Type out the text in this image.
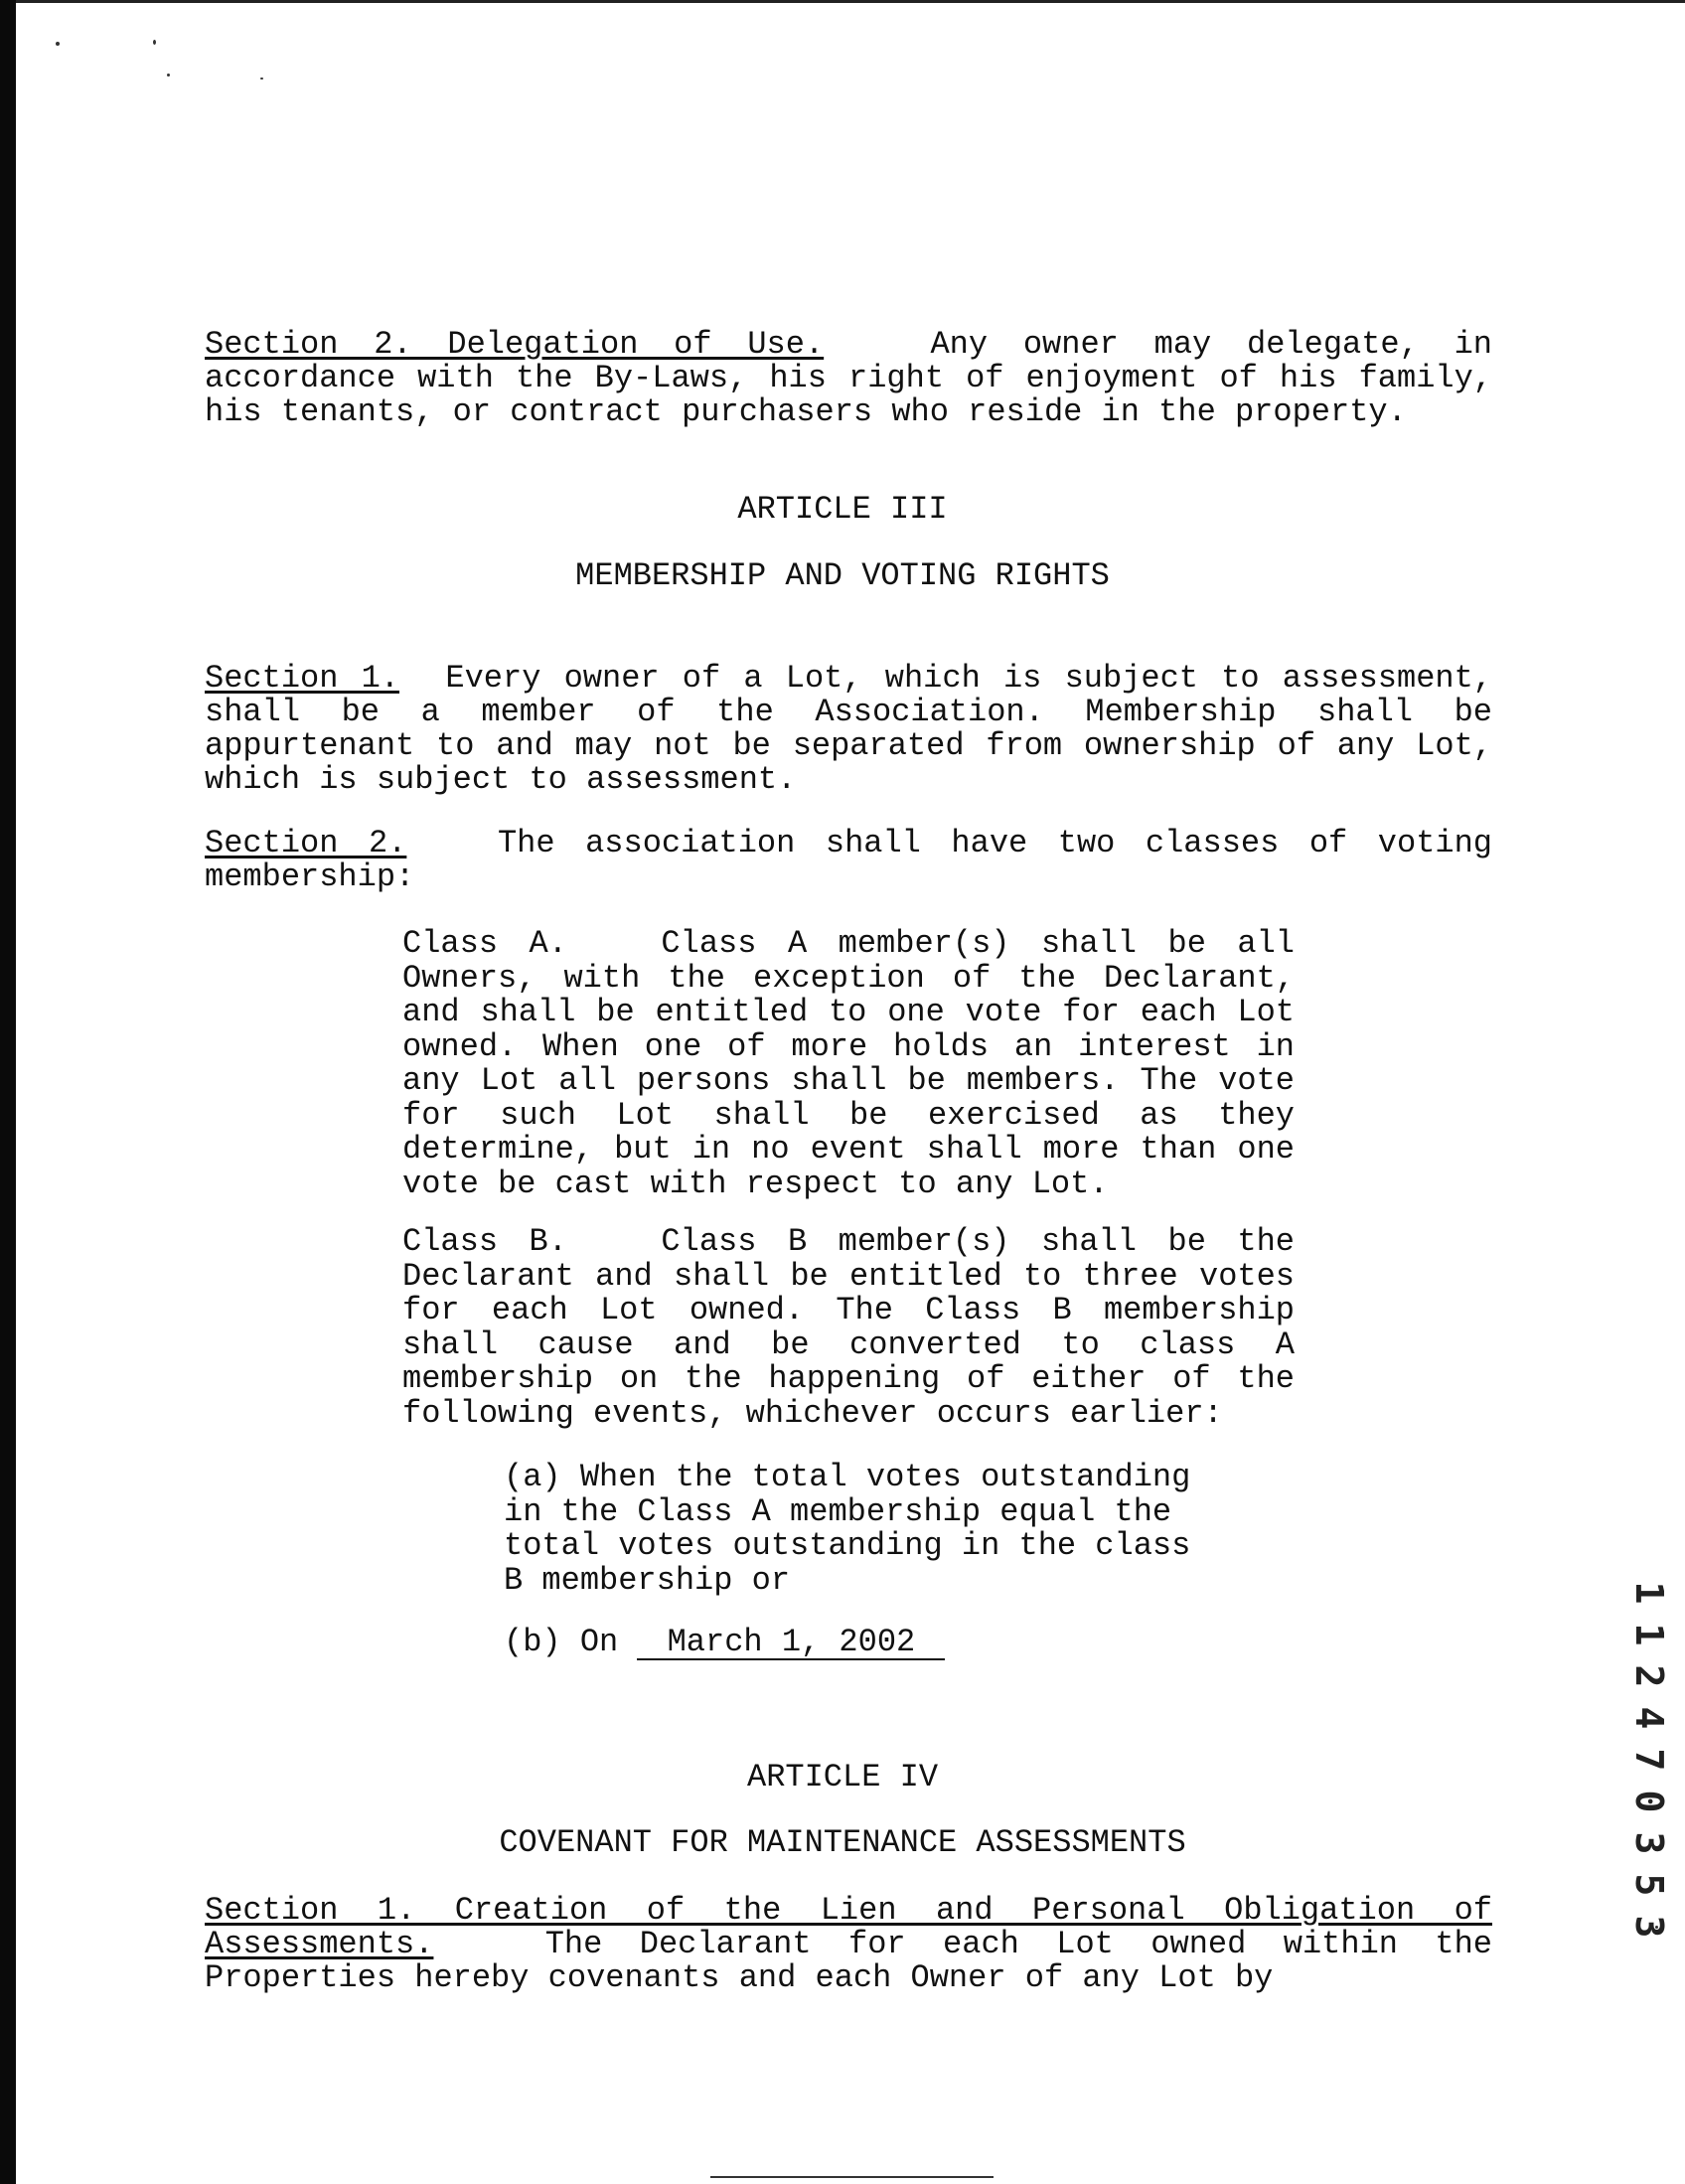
Section 2. Delegation of Use.	Any owner may delegate, in accordance with the By-Laws, his right of enjoyment of his family, his tenants, or contract purchasers who reside in the property.

ARTICLE III

MEMBERSHIP AND VOTING RIGHTS

Section 1. Every owner of a Lot, which is subject to assessment, shall be a member of the Association. Membership shall be appurtenant to and may not be separated from ownership of any Lot, which is subject to assessment.

Section 2.	The association shall have two classes of voting membership:

Class A.	Class A member(s) shall be all Owners, with the exception of the Declarant, and shall be entitled to one vote for each Lot owned. When one of more holds an interest in any Lot all persons shall be members. The vote for such Lot shall be exercised as they determine, but in no event shall more than one vote be cast with respect to any Lot.

Class B.	Class B member(s) shall be the Declarant and shall be entitled to three votes for each Lot owned. The Class B membership shall cause and be converted to class A membership on the happening of either of the following events, whichever occurs earlier:

(a) When the total votes outstanding in the Class A membership equal the total votes outstanding in the class B membership or

(b) On March 1, 2002

ARTICLE IV

COVENANT FOR MAINTENANCE ASSESSMENTS

Section 1. Creation of the Lien and Personal Obligation of Assessments.	The Declarant for each Lot owned within the Properties hereby covenants and each Owner of any Lot by

1
1
2
4
7
0
3
5
3
